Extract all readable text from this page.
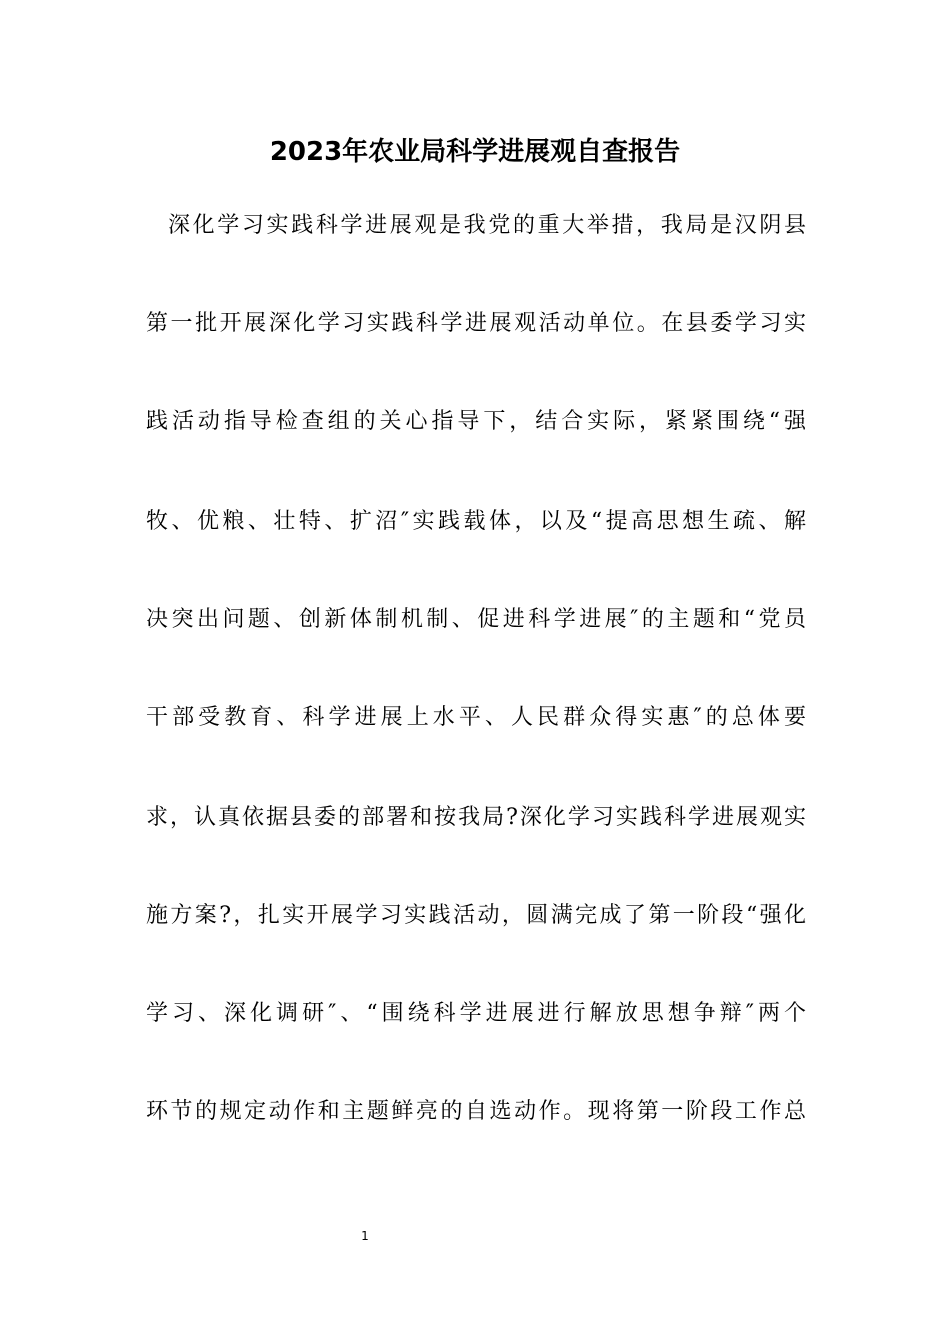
2023年农业局科学进展观自查报告

深化学习实践科学进展观是我党的重大举措，我局是汉阴县

第一批开展深化学习实践科学进展观活动单位。在县委学习实

践活动指导检查组的关心指导下，结合实际，紧紧围绕“强

牧、优粮、壮特、扩沼″实践载体，以及“提高思想生疏、解

决突出问题、创新体制机制、促进科学进展″的主题和“党员

干部受教育、科学进展上水平、人民群众得实惠″的总体要

求，认真依据县委的部署和按我局?深化学习实践科学进展观实

施方案?，扎实开展学习实践活动，圆满完成了第一阶段“强化

学习、深化调研″、“围绕科学进展进行解放思想争辩″两个

环节的规定动作和主题鲜亮的自选动作。现将第一阶段工作总

1
